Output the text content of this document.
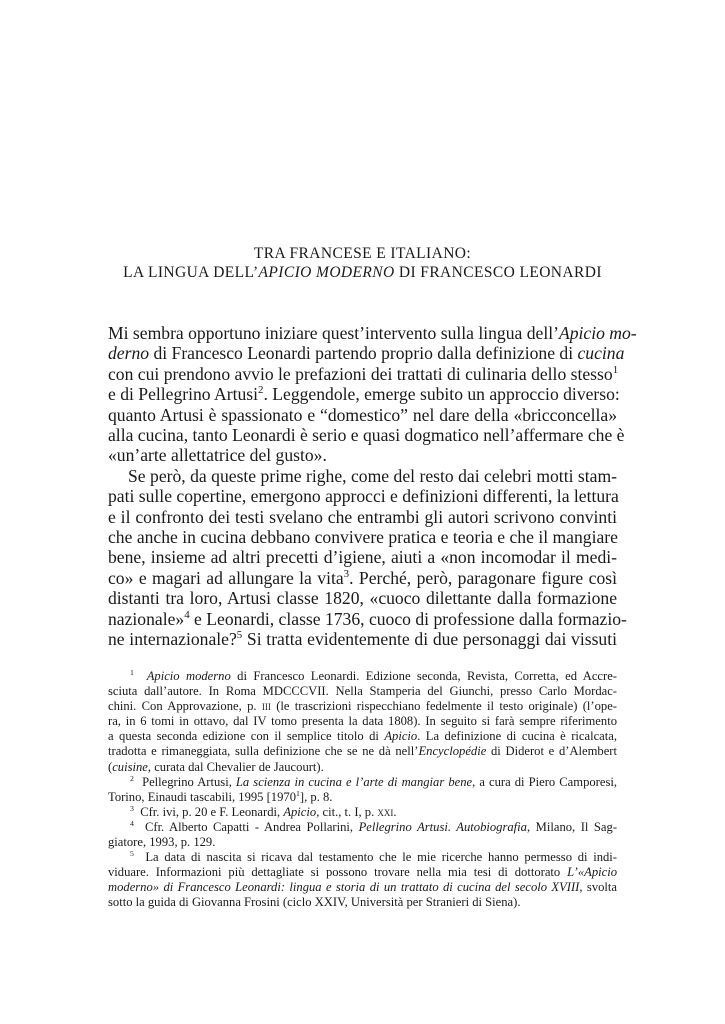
TRA FRANCESE E ITALIANO:
LA LINGUA DELL’APICIO MODERNO DI FRANCESCO LEONARDI
Mi sembra opportuno iniziare quest’intervento sulla lingua dell’Apicio mo-
derno di Francesco Leonardi partendo proprio dalla definizione di cucina
con cui prendono avvio le prefazioni dei trattati di culinaria dello stesso$^1$
e di Pellegrino Artusi$^2$. Leggendole, emerge subito un approccio diverso:
quanto Artusi è spassionato e “domestico” nel dare della «bricconcella»
alla cucina, tanto Leonardi è serio e quasi dogmatico nell’affermare che è
«un’arte allettatrice del gusto».
Se però, da queste prime righe, come del resto dai celebri motti stam-
pati sulle copertine, emergono approcci e definizioni differenti, la lettura
e il confronto dei testi svelano che entrambi gli autori scrivono convinti
che anche in cucina debbano convivere pratica e teoria e che il mangiare
bene, insieme ad altri precetti d’igiene, aiuti a «non incomodar il medi-
co» e magari ad allungare la vita$^3$. Perché, però, paragonare figure così
distanti tra loro, Artusi classe 1820, «cuoco dilettante dalla formazione
nazionale»$^4$ e Leonardi, classe 1736, cuoco di professione dalla formazio-
ne internazionale?$^5$ Si tratta evidentemente di due personaggi dai vissuti
$^1$ Apicio moderno di Francesco Leonardi. Edizione seconda, Revista, Corretta, ed Accre-
sciuta dall’autore. In Roma MDCCCVII. Nella Stamperia del Giunchi, presso Carlo Mordac-
chini. Con Approvazione, p. iii (le trascrizioni rispecchiano fedelmente il testo originale) (l’ope-
ra, in 6 tomi in ottavo, dal IV tomo presenta la data 1808). In seguito si farà sempre riferimento
a questa seconda edizione con il semplice titolo di Apicio. La definizione di cucina è ricalcata,
tradotta e rimaneggiata, sulla definizione che se ne dà nell’Encyclopédie di Diderot e d’Alembert
(cuisine, curata dal Chevalier de Jaucourt).
$^2$ Pellegrino Artusi, La scienza in cucina e l’arte di mangiar bene, a cura di Piero Camporesi,
Torino, Einaudi tascabili, 1995 [1970$^1$], p. 8.
$^3$ Cfr. ivi, p. 20 e F. Leonardi, Apicio, cit., t. I, p. xxi.
$^4$ Cfr. Alberto Capatti - Andrea Pollarini, Pellegrino Artusi. Autobiografia, Milano, Il Sag-
giatore, 1993, p. 129.
$^5$ La data di nascita si ricava dal testamento che le mie ricerche hanno permesso di indi-
viduare. Informazioni più dettagliate si possono trovare nella mia tesi di dottorato L’«Apicio
moderno» di Francesco Leonardi: lingua e storia di un trattato di cucina del secolo XVIII, svolta
sotto la guida di Giovanna Frosini (ciclo XXIV, Università per Stranieri di Siena).
